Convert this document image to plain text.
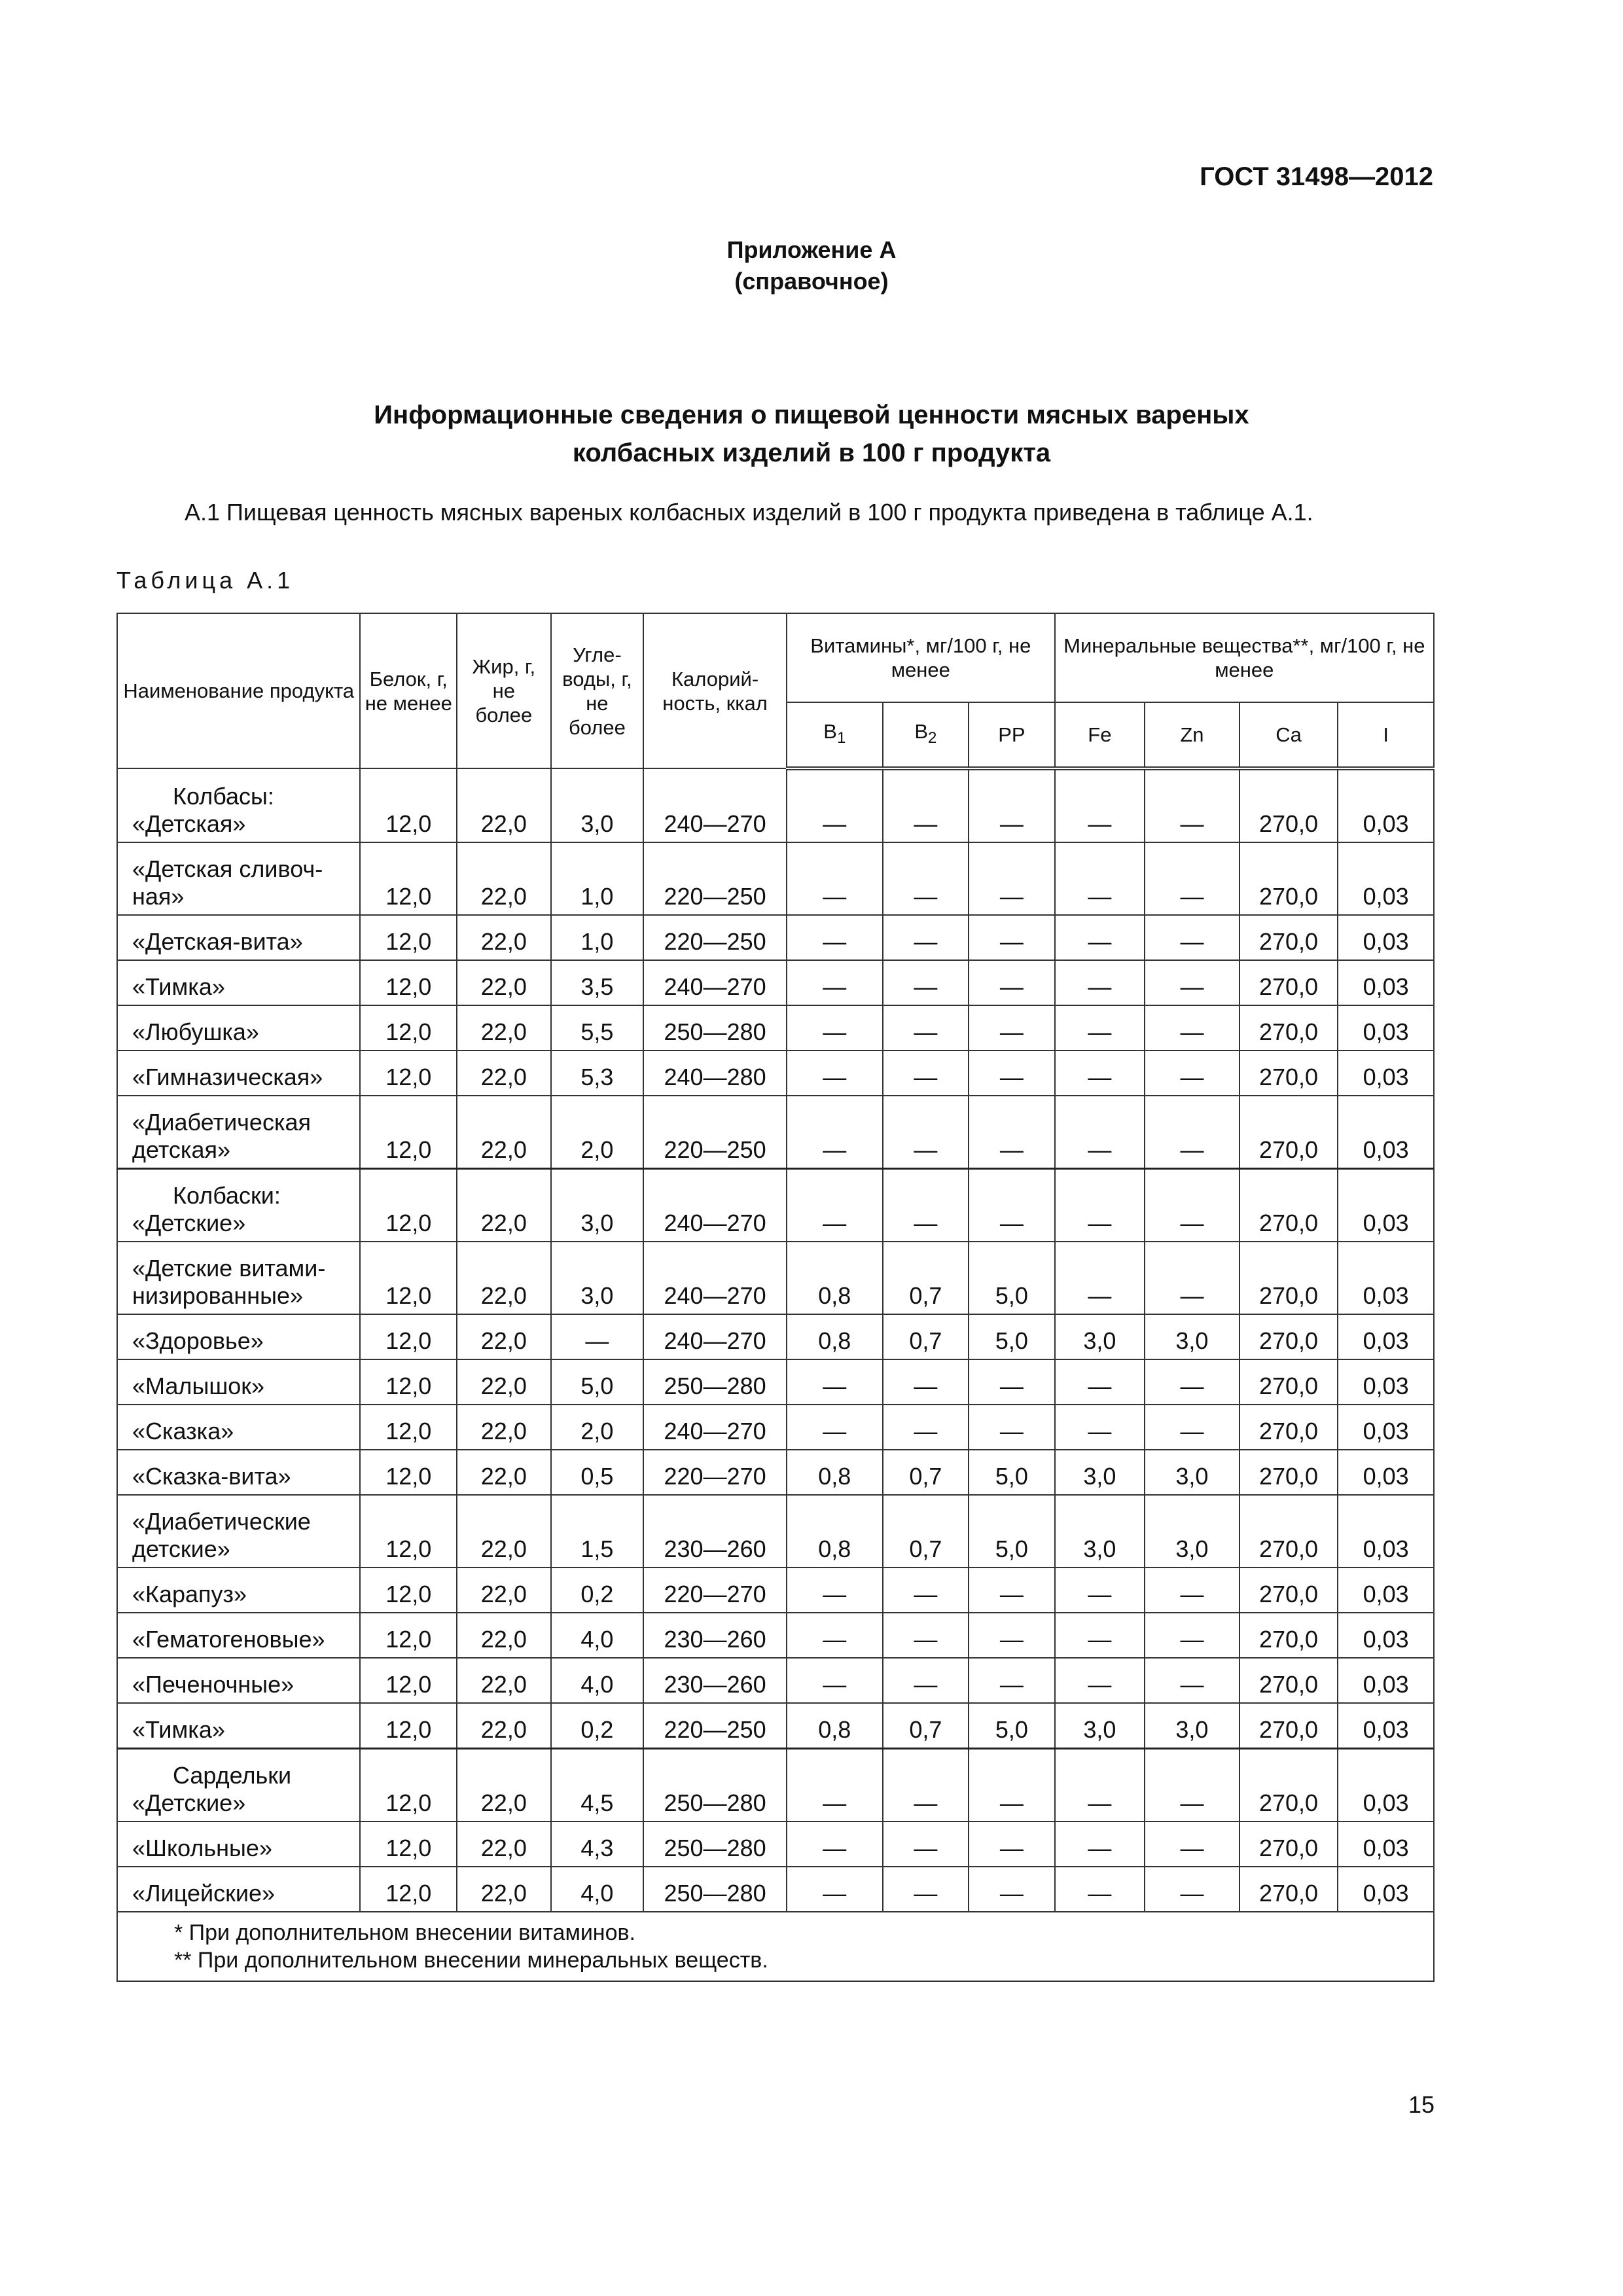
ГОСТ 31498—2012
Приложение А
(справочное)
Информационные сведения о пищевой ценности мясных вареных
колбасных изделий в 100 г продукта
А.1 Пищевая ценность мясных вареных колбасных изделий в 100 г продукта приведена в таблице А.1.
Таблица А.1
Наименование продукта	Белок, г, не менее	Жир, г, не более	Угле-воды, г, не более	Калорий-ность, ккал	Витамины*, мг/100 г, не менее			Минеральные вещества**, мг/100 г, не менее			
					$B_1$	$B_2$	PP	Fe	Zn	Ca	I

Колбасы:
«Детская»	12,0	22,0	3,0	240—270	—	—	—	—	—	270,0	0,03
«Детская сливоч-ная»	12,0	22,0	1,0	220—250	—	—	—	—	—	270,0	0,03
«Детская-вита»	12,0	22,0	1,0	220—250	—	—	—	—	—	270,0	0,03
«Тимка»	12,0	22,0	3,5	240—270	—	—	—	—	—	270,0	0,03
«Любушка»	12,0	22,0	5,5	250—280	—	—	—	—	—	270,0	0,03
«Гимназическая»	12,0	22,0	5,3	240—280	—	—	—	—	—	270,0	0,03
«Диабетическая детская»	12,0	22,0	2,0	220—250	—	—	—	—	—	270,0	0,03

Колбаски:
«Детские»	12,0	22,0	3,0	240—270	—	—	—	—	—	270,0	0,03
«Детские витами-низированные»	12,0	22,0	3,0	240—270	0,8	0,7	5,0	—	—	270,0	0,03
«Здоровье»	12,0	22,0	—	240—270	0,8	0,7	5,0	3,0	3,0	270,0	0,03
«Малышок»	12,0	22,0	5,0	250—280	—	—	—	—	—	270,0	0,03
«Сказка»	12,0	22,0	2,0	240—270	—	—	—	—	—	270,0	0,03
«Сказка-вита»	12,0	22,0	0,5	220—270	0,8	0,7	5,0	3,0	3,0	270,0	0,03
«Диабетические детские»	12,0	22,0	1,5	230—260	0,8	0,7	5,0	3,0	3,0	270,0	0,03
«Карапуз»	12,0	22,0	0,2	220—270	—	—	—	—	—	270,0	0,03
«Гематогеновые»	12,0	22,0	4,0	230—260	—	—	—	—	—	270,0	0,03
«Печеночные»	12,0	22,0	4,0	230—260	—	—	—	—	—	270,0	0,03
«Тимка»	12,0	22,0	0,2	220—250	0,8	0,7	5,0	3,0	3,0	270,0	0,03

Сардельки
«Детские»	12,0	22,0	4,5	250—280	—	—	—	—	—	270,0	0,03
«Школьные»	12,0	22,0	4,3	250—280	—	—	—	—	—	270,0	0,03
«Лицейские»	12,0	22,0	4,0	250—280	—	—	—	—	—	270,0	0,03

* При дополнительном внесении витаминов.
** При дополнительном внесении минеральных веществ.											
15
